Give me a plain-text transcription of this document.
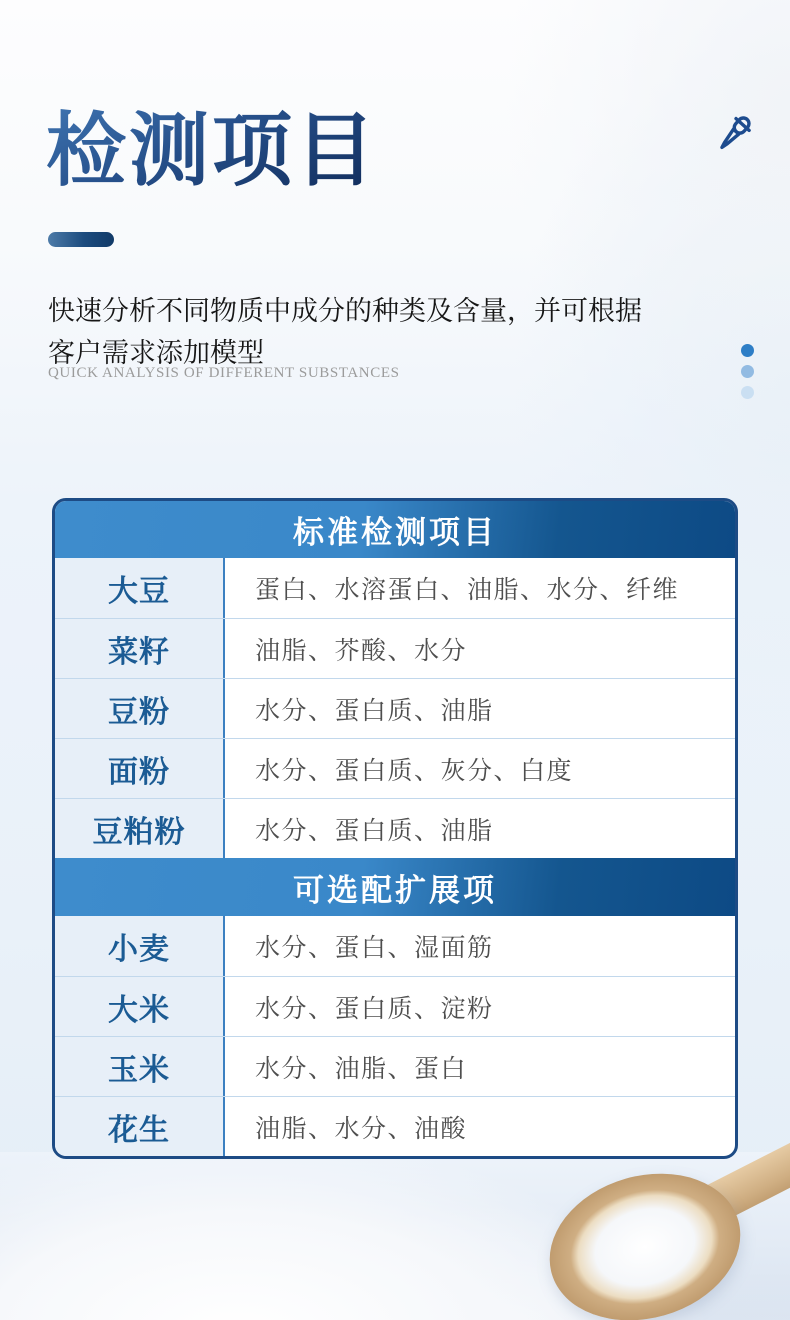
检测项目

快速分析不同物质中成分的种类及含量，并可根据
客户需求添加模型

QUICK ANALYSIS OF DIFFERENT SUBSTANCES
标准检测项目
大豆	蛋白、水溶蛋白、油脂、水分、纤维
菜籽	油脂、芥酸、水分
豆粉	水分、蛋白质、油脂
面粉	水分、蛋白质、灰分、白度
豆粕粉	水分、蛋白质、油脂
可选配扩展项
小麦	水分、蛋白、湿面筋
大米	水分、蛋白质、淀粉
玉米	水分、油脂、蛋白
花生	油脂、水分、油酸
